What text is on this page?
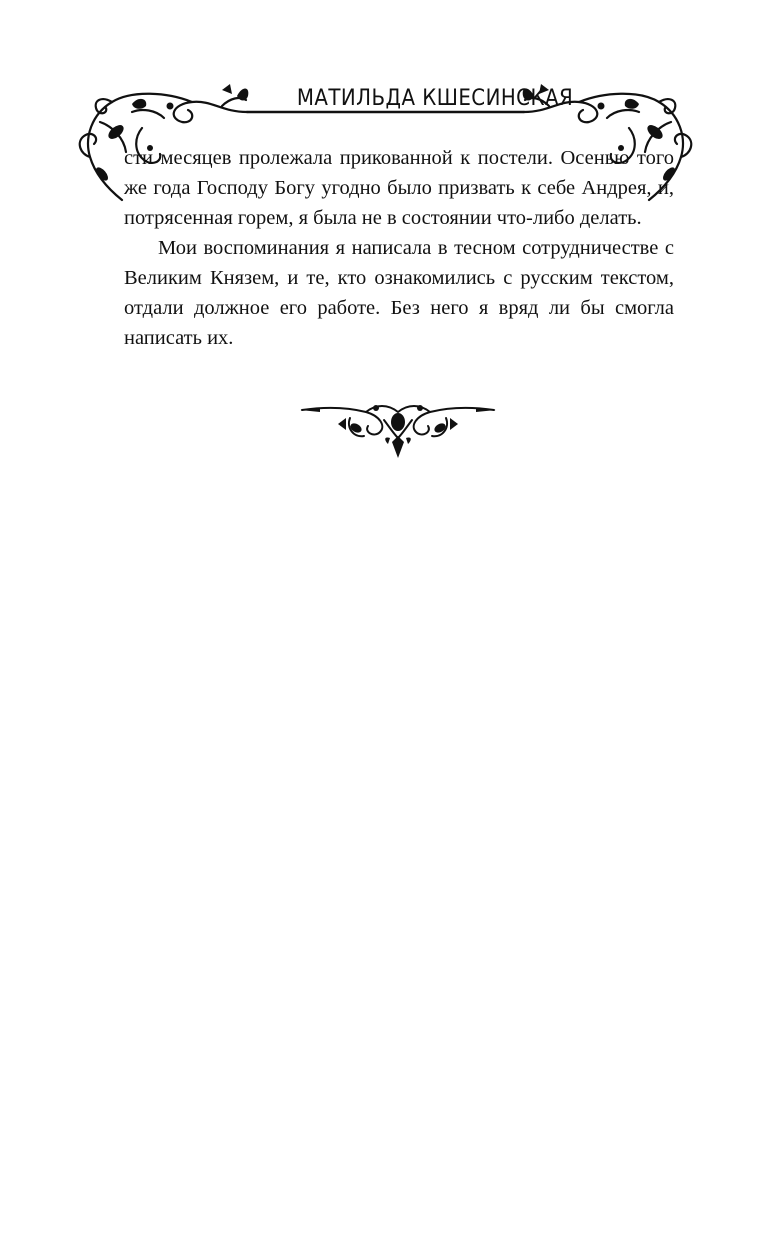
МАТИЛЬДА КШЕСИНСКАЯ

сти месяцев пролежала прикованной к постели. Осенью того же года Господу Богу угодно было призвать к себе Андрея, и, потрясенная горем, я была не в состоянии что-либо делать.

Мои воспоминания я написала в тесном сотрудничестве с Великим Князем, и те, кто ознакомились с русским текстом, отдали должное его работе. Без него я вряд ли бы смогла написать их.
